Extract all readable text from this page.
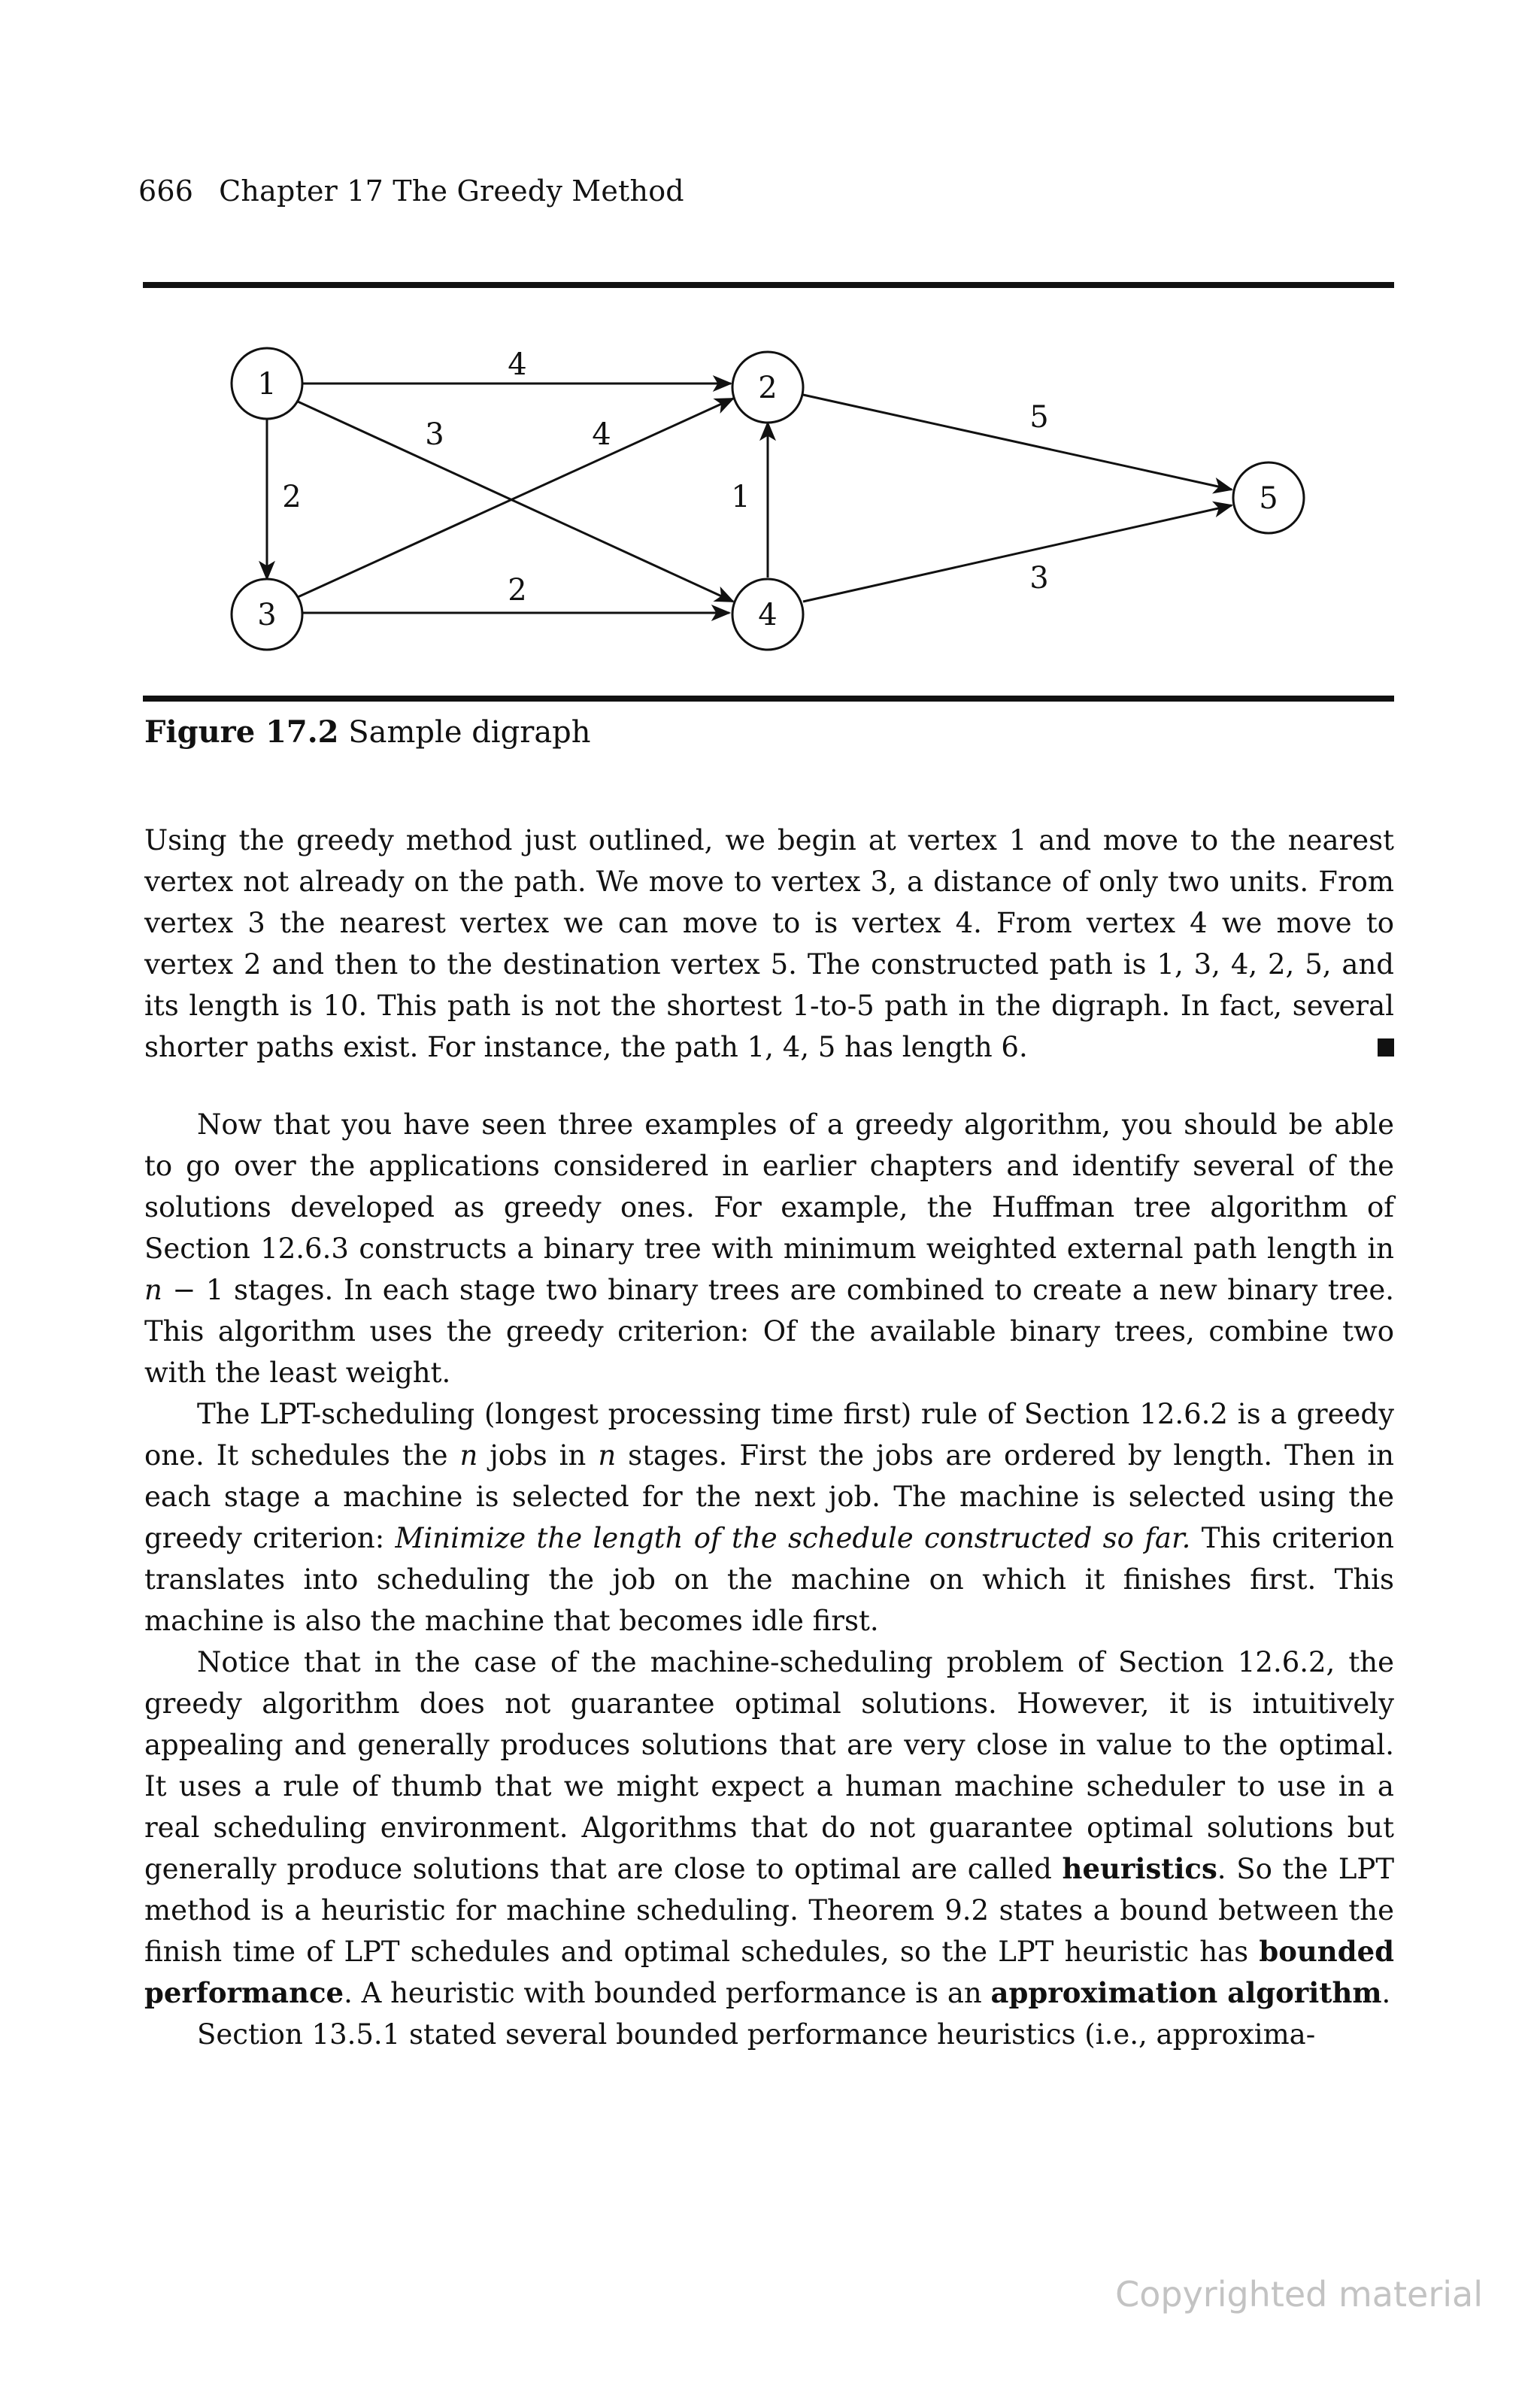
666 Chapter 17 The Greedy Method
1	2
3	4
5
4
2
3	4
2
1
5
3
Figure 17.2 Sample digraph

Using the greedy method just outlined, we begin at vertex 1 and move to the nearest vertex not already on the path. We move to vertex 3, a distance of only two units. From vertex 3 the nearest vertex we can move to is vertex 4. From vertex 4 we move to vertex 2 and then to the destination vertex 5. The constructed path is 1, 3, 4, 2, 5, and its length is 10. This path is not the shortest 1-to-5 path in the digraph. In fact, several shorter paths exist. For instance, the path 1, 4, 5 has length 6.

Now that you have seen three examples of a greedy algorithm, you should be able to go over the applications considered in earlier chapters and identify several of the solutions developed as greedy ones. For example, the Huffman tree algorithm of Section 12.6.3 constructs a binary tree with minimum weighted external path length in n − 1 stages. In each stage two binary trees are combined to create a new binary tree. This algorithm uses the greedy criterion: Of the available binary trees, combine two with the least weight.

The LPT-scheduling (longest processing time first) rule of Section 12.6.2 is a greedy one. It schedules the n jobs in n stages. First the jobs are ordered by length. Then in each stage a machine is selected for the next job. The machine is selected using the greedy criterion: Minimize the length of the schedule constructed so far. This criterion translates into scheduling the job on the machine on which it finishes first. This machine is also the machine that becomes idle first.

Notice that in the case of the machine-scheduling problem of Section 12.6.2, the greedy algorithm does not guarantee optimal solutions. However, it is intuitively appealing and generally produces solutions that are very close in value to the optimal. It uses a rule of thumb that we might expect a human machine scheduler to use in a real scheduling environment. Algorithms that do not guarantee optimal solutions but generally produce solutions that are close to optimal are called heuristics. So the LPT method is a heuristic for machine scheduling. Theorem 9.2 states a bound between the finish time of LPT schedules and optimal schedules, so the LPT heuristic has bounded performance. A heuristic with bounded performance is an approximation algorithm.

Section 13.5.1 stated several bounded performance heuristics (i.e., approxima-

Copyrighted material
